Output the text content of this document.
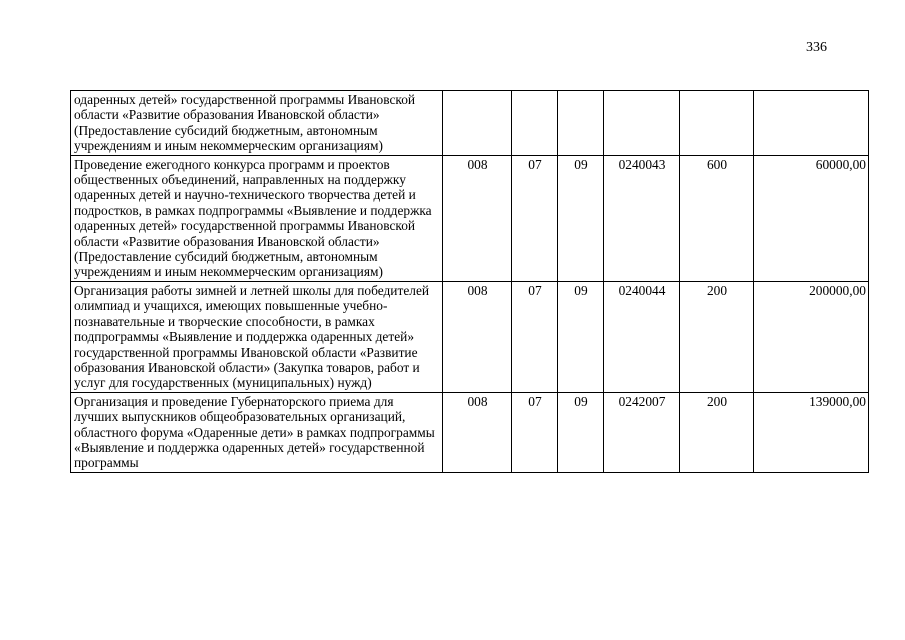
336
одаренных детей» государственной программы Ивановской области «Развитие образования Ивановской области» (Предоставление субсидий бюджетным, автономным учреждениям и иным некоммерческим организациям)						
Проведение ежегодного конкурса программ и проектов общественных объединений, направленных на поддержку одаренных детей и научно-технического творчества детей и подростков, в рамках подпрограммы «Выявление и поддержка одаренных детей» государственной программы Ивановской области «Развитие образования Ивановской области» (Предоставление субсидий бюджетным, автономным учреждениям и иным некоммерческим организациям)	008	07	09	0240043	600	60000,00
Организация работы зимней и летней школы для победителей олимпиад и учащихся, имеющих повышенные учебно-познавательные и творческие способности, в рамках подпрограммы «Выявление и поддержка одаренных детей» государственной программы Ивановской области «Развитие образования Ивановской области» (Закупка товаров, работ и услуг для государственных (муниципальных) нужд)	008	07	09	0240044	200	200000,00
Организация и проведение Губернаторского приема для лучших выпускников общеобразовательных организаций, областного форума «Одаренные дети» в рамках подпрограммы «Выявление и поддержка одаренных детей» государственной программы	008	07	09	0242007	200	139000,00
